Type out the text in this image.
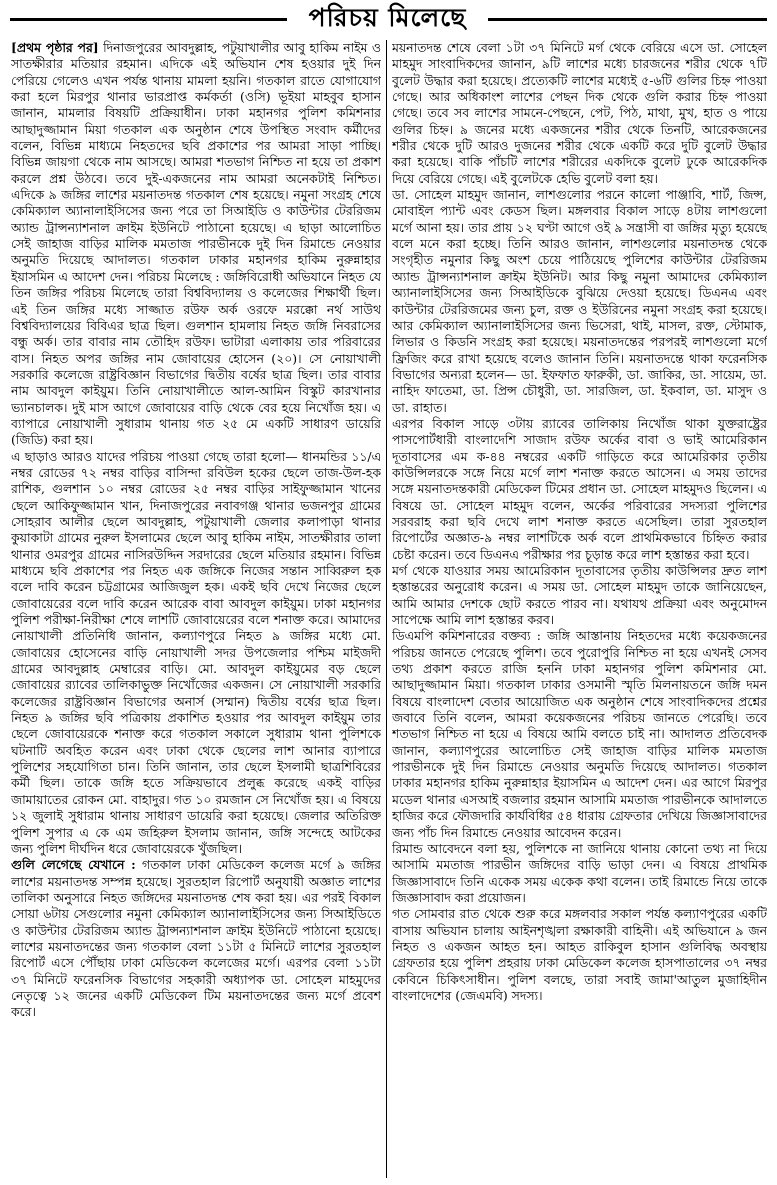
পরিচয় মিলেছে

[প্রথম পৃষ্ঠার পর] দিনাজপুরের আবদুল্লাহ, পটুয়াখালীর আবু হাকিম নাইম ও সাতক্ষীরার মতিয়ার রহমান। এদিকে এই অভিযান শেষ হওয়ার দুই দিন পেরিয়ে গেলেও এখন পর্যন্ত থানায় মামলা হয়নি। গতকাল রাতে যোগাযোগ করা হলে মিরপুর থানার ভারপ্রাপ্ত কর্মকর্তা (ওসি) ভূইয়া মাহবুব হাসান জানান, মামলার বিষয়টি প্রক্রিয়াধীন। ঢাকা মহানগর পুলিশ কমিশনার আছাদুজ্জামান মিয়া গতকাল এক অনুষ্ঠান শেষে উপস্থিত সংবাদ কর্মীদের বলেন, বিভিন্ন মাধ্যমে নিহতদের ছবি প্রকাশের পর আমরা সাড়া পাচ্ছি। বিভিন্ন জায়গা থেকে নাম আসছে। আমরা শতভাগ নিশ্চিত না হয়ে তা প্রকাশ করলে প্রশ্ন উঠবে। তবে দুই-একজনের নাম আমরা অনেকটাই নিশ্চিত। এদিকে ৯ জঙ্গির লাশের ময়নাতদন্ত গতকাল শেষ হয়েছে। নমুনা সংগ্রহ শেষে কেমিক্যাল অ্যানালাইসিসের জন্য পরে তা সিআইডি ও কাউন্টার টেররিজম অ্যান্ড ট্রান্সন্যাশনাল ক্রাইম ইউনিটে পাঠানো হয়েছে। এ ছাড়া আলোচিত সেই জাহাজ বাড়ির মালিক মমতাজ পারভীনকে দুই দিন রিমান্ডে নেওয়ার অনুমতি দিয়েছে আদালত। গতকাল ঢাকার মহানগর হাকিম নুরুন্নাহার ইয়াসমিন এ আদেশ দেন। পরিচয় মিলেছে : জঙ্গিবিরোধী অভিযানে নিহত যে তিন জঙ্গির পরিচয় মিলেছে তারা বিশ্ববিদ্যালয় ও কলেজের শিক্ষার্থী ছিল। এই তিন জঙ্গির মধ্যে সাজ্জাত রউফ অর্ক ওরফে মরক্কো নর্থ সাউথ বিশ্ববিদ্যালয়ের বিবিএর ছাত্র ছিল। গুলশান হামলায় নিহত জঙ্গি নিবরাসের বন্ধু অর্ক। তার বাবার নাম তৌহিদ রউফ। ভাটারা এলাকায় তার পরিবারের বাস। নিহত অপর জঙ্গির নাম জোবায়ের হোসেন (২০)। সে নোয়াখালী সরকারি কলেজে রাষ্ট্রবিজ্ঞান বিভাগের দ্বিতীয় বর্ষের ছাত্র ছিল। তার বাবার নাম আবদুল কাইয়ুম। তিনি নোয়াখালীতে আল-আমিন বিস্কুট কারখানার ভ্যানচালক। দুই মাস আগে জোবায়ের বাড়ি থেকে বের হয়ে নিখোঁজ হয়। এ ব্যাপারে নোয়াখালী সুধারাম থানায় গত ২৫ মে একটি সাধারণ ডায়েরি (জিডি) করা হয়।

এ ছাড়াও আরও যাদের পরিচয় পাওয়া গেছে তারা হলো— ধানমন্ডির ১১/এ নম্বর রোডের ৭২ নম্বর বাড়ির বাসিন্দা রবিউল হকের ছেলে তাজ-উল-হক রাশিক, গুলশান ১০ নম্বর রোডের ২৫ নম্বর বাড়ির সাইফুজ্জামান খানের ছেলে আকিফুজ্জামান খান, দিনাজপুরের নবাবগঞ্জ থানার ভজনপুর গ্রামের সোহরাব আলীর ছেলে আবদুল্লাহ, পটুয়াখালী জেলার কলাপাড়া থানার কুয়াকাটা গ্রামের নুরুল ইসলামের ছেলে আবু হাকিম নাইম, সাতক্ষীরার তালা থানার ওমরপুর গ্রামের নাসিরউদ্দিন সরদারের ছেলে মতিয়ার রহমান। বিভিন্ন মাধ্যমে ছবি প্রকাশের পর নিহত এক জঙ্গিকে নিজের সন্তান সাব্বিরুল হক বলে দাবি করেন চট্টগ্রামের আজিজুল হক। একই ছবি দেখে নিজের ছেলে জোবায়েরের বলে দাবি করেন আরেক বাবা আবদুল কাইয়ুম। ঢাকা মহানগর পুলিশ পরীক্ষা-নিরীক্ষা শেষে লাশটি জোবায়েরের বলে শনাক্ত করে। আমাদের নোয়াখালী প্রতিনিধি জানান, কল্যাণপুরে নিহত ৯ জঙ্গির মধ্যে মো. জোবায়ের হোসেনের বাড়ি নোয়াখালী সদর উপজেলার পশ্চিম মাইজদী গ্রামের আবদুল্লাহ মেম্বারের বাড়ি। মো. আবদুল কাইয়ুমের বড় ছেলে জোবায়ের র‌্যাবের তালিকাভুক্ত নিখোঁজের একজন। সে নোয়াখালী সরকারি কলেজের রাষ্ট্রবিজ্ঞান বিভাগের অনার্স (সম্মান) দ্বিতীয় বর্ষের ছাত্র ছিল। নিহত ৯ জঙ্গির ছবি পত্রিকায় প্রকাশিত হওয়ার পর আবদুল কাইয়ুম তার ছেলে জোবায়েরকে শনাক্ত করে গতকাল সকালে সুধারাম থানা পুলিশকে ঘটনাটি অবহিত করেন এবং ঢাকা থেকে ছেলের লাশ আনার ব্যাপারে পুলিশের সহযোগিতা চান। তিনি জানান, তার ছেলে ইসলামী ছাত্রশিবিরের কর্মী ছিল। তাকে জঙ্গি হতে সক্রিয়ভাবে প্রলুব্ধ করেছে একই বাড়ির জামায়াতের রোকন মো. বাহাদুর। গত ১০ রমজান সে নিখোঁজ হয়। এ বিষয়ে ১২ জুলাই সুধারাম থানায় সাধারণ ডায়েরি করা হয়েছে। জেলার অতিরিক্ত পুলিশ সুপার এ কে এম জহিরুল ইসলাম জানান, জঙ্গি সন্দেহে আটকের জন্য পুলিশ দীর্ঘদিন ধরে জোবায়েরকে খুঁজছিল।

গুলি লেগেছে যেখানে : গতকাল ঢাকা মেডিকেল কলেজ মর্গে ৯ জঙ্গির লাশের ময়নাতদন্ত সম্পন্ন হয়েছে। সুরতহাল রিপোর্ট অনুযায়ী অজ্ঞাত লাশের তালিকা অনুসারে নিহত জঙ্গিদের ময়নাতদন্ত শেষ করা হয়। এর পরই বিকাল সোয়া ৬টায় সেগুলোর নমুনা কেমিক্যাল অ্যানালাইসিসের জন্য সিআইডিতে ও কাউন্টার টেররিজম অ্যান্ড ট্রান্সন্যাশনাল ক্রাইম ইউনিটে পাঠানো হয়েছে। লাশের ময়নাতদন্তের জন্য গতকাল বেলা ১১টা ৫ মিনিটে লাশের সুরতহাল রিপোর্ট এসে পৌঁছায় ঢাকা মেডিকেল কলেজের মর্গে। এরপর বেলা ১১টা ৩৭ মিনিটে ফরেনসিক বিভাগের সহকারী অধ্যাপক ডা. সোহেল মাহমুদের নেতৃত্বে ১২ জনের একটি মেডিকেল টিম ময়নাতদন্তের জন্য মর্গে প্রবেশ করে।

ময়নাতদন্ত শেষে বেলা ১টা ৩৭ মিনিটে মর্গ থেকে বেরিয়ে এসে ডা. সোহেল মাহমুদ সাংবাদিকদের জানান, ৯টি লাশের মধ্যে চারজনের শরীর থেকে ৭টি বুলেট উদ্ধার করা হয়েছে। প্রত্যেকটি লাশের মধ্যেই ৫-৬টি গুলির চিহ্ন পাওয়া গেছে। আর অধিকাংশ লাশের পেছন দিক থেকে গুলি করার চিহ্ন পাওয়া গেছে। তবে সব লাশের সামনে-পেছনে, পেট, পিঠ, মাথা, মুখ, হাত ও পায়ে গুলির চিহ্ন। ৯ জনের মধ্যে একজনের শরীর থেকে তিনটি, আরেকজনের শরীর থেকে দুটি আরও দুজনের শরীর থেকে একটি করে দুটি বুলেট উদ্ধার করা হয়েছে। বাকি পাঁচটি লাশের শরীরের একদিকে বুলেট ঢুকে আরেকদিক দিয়ে বেরিয়ে গেছে। এই বুলেটকে হেভি বুলেট বলা হয়।

ডা. সোহেল মাহমুদ জানান, লাশগুলোর পরনে কালো পাঞ্জাবি, শার্ট, জিন্স, মোবাইল প্যান্ট এবং কেডস ছিল। মঙ্গলবার বিকাল সাড়ে ৪টায় লাশগুলো মর্গে আনা হয়। তার প্রায় ১২ ঘণ্টা আগে ওই ৯ সন্ত্রাসী বা জঙ্গির মৃত্যু হয়েছে বলে মনে করা হচ্ছে। তিনি আরও জানান, লাশগুলোর ময়নাতদন্ত থেকে সংগৃহীত নমুনার কিছু অংশ চেয়ে পাঠিয়েছে পুলিশের কাউন্টার টেররিজম অ্যান্ড ট্রান্সন্যাশনাল ক্রাইম ইউনিট। আর কিছু নমুনা আমাদের কেমিক্যাল অ্যানালাইসিসের জন্য সিআইডিকে বুঝিয়ে দেওয়া হয়েছে। ডিএনএ এবং কাউন্টার টেররিজমের জন্য চুল, রক্ত ও ইউরিনের নমুনা সংগ্রহ করা হয়েছে। আর কেমিক্যাল অ্যানালাইসিসের জন্য ভিসেরা, থাই, মাসল, রক্ত, স্টোমাক, লিভার ও কিডনি সংগ্রহ করা হয়েছে। ময়নাতদন্তের পরপরই লাশগুলো মর্গে ফ্রিজিং করে রাখা হয়েছে বলেও জানান তিনি। ময়নাতদন্তে থাকা ফরেনসিক বিভাগের অন্যরা হলেন— ডা. ইফফাত ফারুকী, ডা. জাকির, ডা. সায়েম, ডা. নাহিদ ফাতেমা, ডা. প্রিন্স চৌধুরী, ডা. সারজিল, ডা. ইকবাল, ডা. মাসুদ ও ডা. রাহাত।

এরপর বিকাল সাড়ে ৩টায় র‌্যাবের তালিকায় নিখোঁজ থাকা যুক্তরাষ্ট্রের পাসপোর্টধারী বাংলাদেশি সাজাদ রউফ অর্কের বাবা ও ভাই আমেরিকান দূতাবাসের এম ক-৪৪ নম্বরের একটি গাড়িতে করে আমেরিকার তৃতীয় কাউন্সিলরকে সঙ্গে নিয়ে মর্গে লাশ শনাক্ত করতে আসেন। এ সময় তাদের সঙ্গে ময়নাতদন্তকারী মেডিকেল টিমের প্রধান ডা. সোহেল মাহমুদও ছিলেন। এ বিষয়ে ডা. সোহেল মাহমুদ বলেন, অর্কের পরিবারের সদস্যরা পুলিশের সরবরাহ করা ছবি দেখে লাশ শনাক্ত করতে এসেছিল। তারা সুরতহাল রিপোর্টের অজ্ঞাত-৯ নম্বর লাশটিকে অর্ক বলে প্রাথমিকভাবে চিহ্নিত করার চেষ্টা করেন। তবে ডিএনএ পরীক্ষার পর চূড়ান্ত করে লাশ হস্তান্তর করা হবে।

মর্গ থেকে যাওয়ার সময় আমেরিকান দূতাবাসের তৃতীয় কাউন্সিলর দ্রুত লাশ হস্তান্তরের অনুরোধ করেন। এ সময় ডা. সোহেল মাহমুদ তাকে জানিয়েছেন, আমি আমার দেশকে ছোট করতে পারব না। যথাযথ প্রক্রিয়া এবং অনুমোদন সাপেক্ষে আমি লাশ হস্তান্তর করব।

ডিএমপি কমিশনারের বক্তব্য : জঙ্গি আস্তানায় নিহতদের মধ্যে কয়েকজনের পরিচয় জানতে পেরেছে পুলিশ। তবে পুরোপুরি নিশ্চিত না হয়ে এখনই সেসব তথ্য প্রকাশ করতে রাজি হননি ঢাকা মহানগর পুলিশ কমিশনার মো. আছাদুজ্জামান মিয়া। গতকাল ঢাকার ওসমানী স্মৃতি মিলনায়তনে জঙ্গি দমন বিষয়ে বাংলাদেশ বেতার আয়োজিত এক অনুষ্ঠান শেষে সাংবাদিকদের প্রশ্নের জবাবে তিনি বলেন, আমরা কয়েকজনের পরিচয় জানতে পেরেছি। তবে শতভাগ নিশ্চিত না হয়ে এ বিষয়ে আমি বলতে চাই না। আদালত প্রতিবেদক জানান, কল্যাণপুরের আলোচিত সেই জাহাজ বাড়ির মালিক মমতাজ পারভীনকে দুই দিন রিমান্ডে নেওয়ার অনুমতি দিয়েছে আদালত। গতকাল ঢাকার মহানগর হাকিম নুরুন্নাহার ইয়াসমিন এ আদেশ দেন। এর আগে মিরপুর মডেল থানার এসআই বজলার রহমান আসামি মমতাজ পারভীনকে আদালতে হাজির করে ফৌজদারি কার্যবিধির ৫৪ ধারায় গ্রেফতার দেখিয়ে জিজ্ঞাসাবাদের জন্য পাঁচ দিন রিমান্ডে নেওয়ার আবেদন করেন।

রিমান্ড আবেদনে বলা হয়, পুলিশকে না জানিয়ে থানায় কোনো তথ্য না দিয়ে আসামি মমতাজ পারভীন জঙ্গিদের বাড়ি ভাড়া দেন। এ বিষয়ে প্রাথমিক জিজ্ঞাসাবাদে তিনি একেক সময় একেক কথা বলেন। তাই রিমান্ডে নিয়ে তাকে জিজ্ঞাসাবাদ করা প্রয়োজন।

গত সোমবার রাত থেকে শুরু করে মঙ্গলবার সকাল পর্যন্ত কল্যাণপুরের একটি বাসায় অভিযান চালায় আইনশৃঙ্খলা রক্ষাকারী বাহিনী। এই অভিযানে ৯ জন নিহত ও একজন আহত হন। আহত রাকিবুল হাসান গুলিবিদ্ধ অবস্থায় গ্রেফতার হয়ে পুলিশ প্রহরায় ঢাকা মেডিকেল কলেজ হাসপাতালের ৩৭ নম্বর কেবিনে চিকিৎসাধীন। পুলিশ বলছে, তারা সবাই জামা'আতুল মুজাহিদীন বাংলাদেশের (জেএমবি) সদস্য।
